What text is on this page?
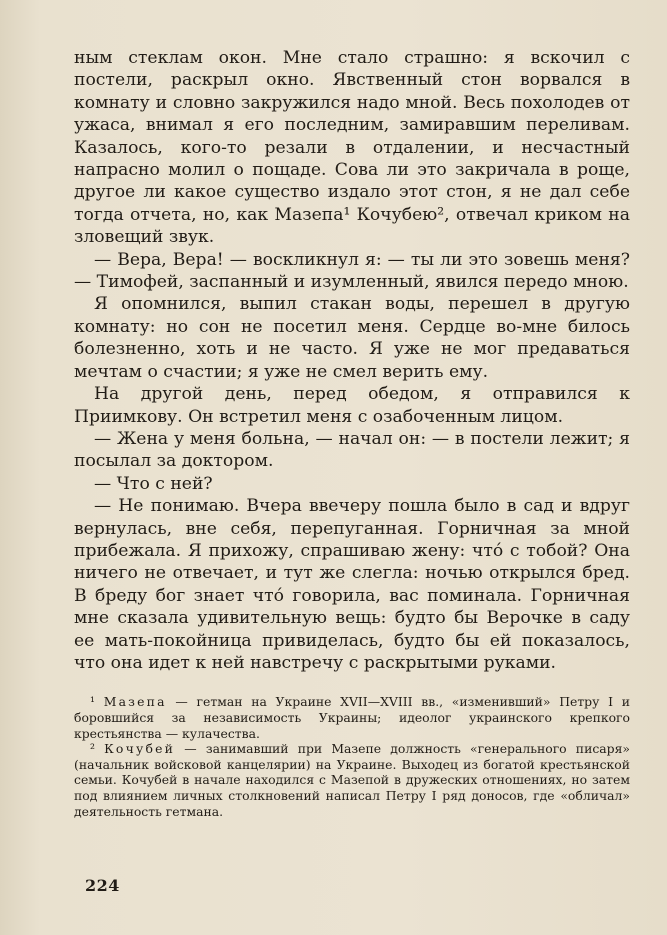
ным стеклам окон. Мне стало страшно: я вскочил с постели, раскрыл окно. Явственный стон ворвался в комнату и словно закружился надо мной. Весь похолодев от ужаса, внимал я его последним, замиравшим переливам. Казалось, кого-то резали в отдалении, и несчастный напрасно молил о пощаде. Сова ли это закричала в роще, другое ли какое существо издало этот стон, я не дал себе тогда отчета, но, как Мазепа¹ Кочубею², отвечал криком на зловещий звук.

— Вера, Вера! — воскликнул я: — ты ли это зовешь меня? — Тимофей, заспанный и изумленный, явился передо мною.

Я опомнился, выпил стакан воды, перешел в другую комнату: но сон не посетил меня. Сердце во-мне билось болезненно, хоть и не часто. Я уже не мог предаваться мечтам о счастии; я уже не смел верить ему.

На другой день, перед обедом, я отправился к Приимкову. Он встретил меня с озабоченным лицом.

— Жена у меня больна, — начал он: — в постели лежит; я посылал за доктором.

— Что с ней?

— Не понимаю. Вчера ввечеру пошла было в сад и вдруг вернулась, вне себя, перепуганная. Горничная за мной прибежала. Я прихожу, спрашиваю жену: что́ с тобой? Она ничего не отвечает, и тут же слегла: ночью открылся бред. В бреду бог знает что́ говорила, вас поминала. Горничная мне сказала удивительную вещь: будто бы Верочке в саду ее мать-покойница привиделась, будто бы ей показалось, что она идет к ней навстречу с раскрытыми руками.

¹ Мазепа — гетман на Украине XVII—XVIII вв., «изменивший» Петру I и боровшийся за независимость Украины; идеолог украинского крепкого крестьянства — кулачества.

² Кочубей — занимавший при Мазепе должность «генерального писаря» (начальник войсковой канцелярии) на Украине. Выходец из богатой крестьянской семьи. Кочубей в начале находился с Мазепой в дружеских отношениях, но затем под влиянием личных столкновений написал Петру I ряд доносов, где «обличал» деятельность гетмана.

224
